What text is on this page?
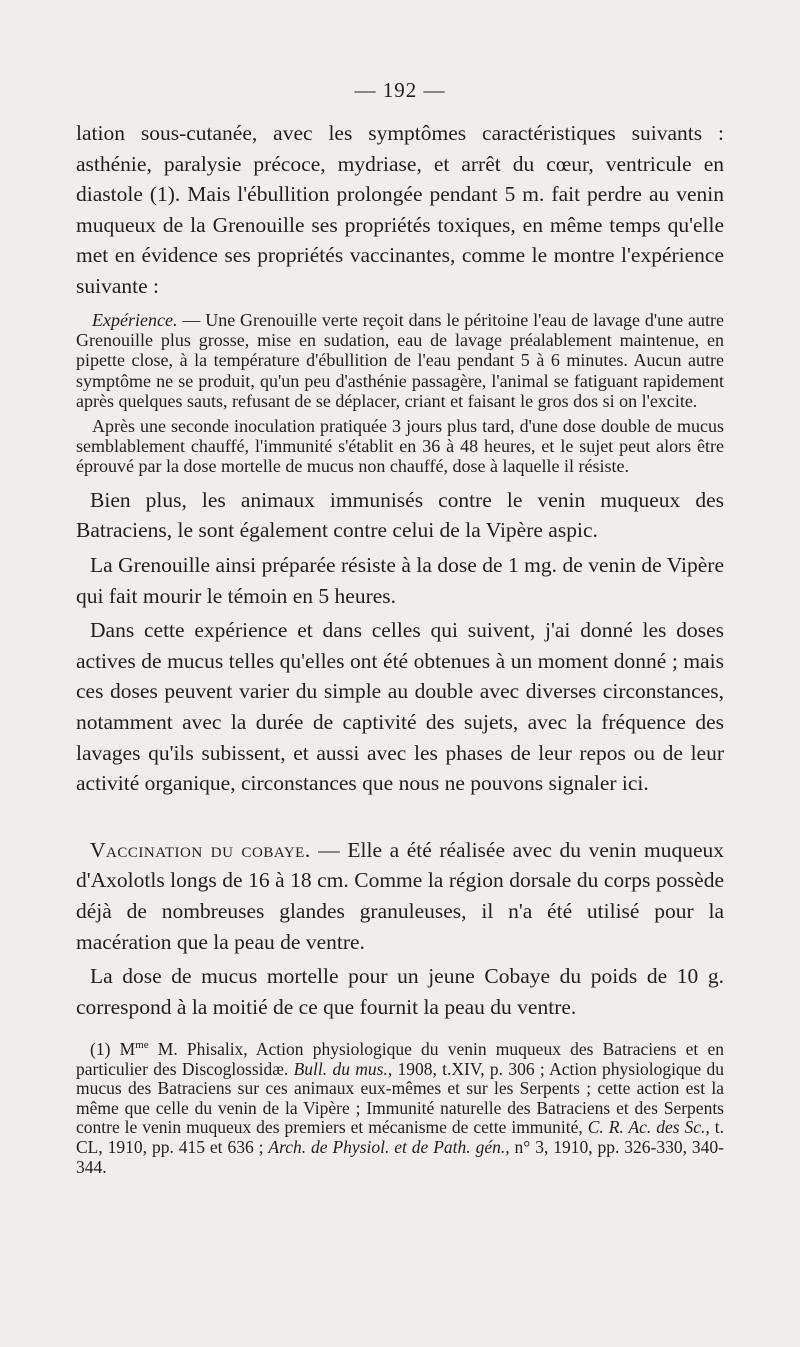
— 192 —

lation sous-cutanée, avec les symptômes caractéristiques suivants : asthénie, paralysie précoce, mydriase, et arrêt du cœur, ventricule en diastole (1). Mais l'ébullition prolongée pendant 5 m. fait perdre au venin muqueux de la Grenouille ses propriétés toxiques, en même temps qu'elle met en évidence ses propriétés vaccinantes, comme le montre l'expérience suivante :

Expérience. — Une Grenouille verte reçoit dans le péritoine l'eau de lavage d'une autre Grenouille plus grosse, mise en sudation, eau de lavage préalablement maintenue, en pipette close, à la température d'ébullition de l'eau pendant 5 à 6 minutes. Aucun autre symptôme ne se produit, qu'un peu d'asthénie passagère, l'animal se fatiguant rapidement après quelques sauts, refusant de se déplacer, criant et faisant le gros dos si on l'excite.

Après une seconde inoculation pratiquée 3 jours plus tard, d'une dose double de mucus semblablement chauffé, l'immunité s'établit en 36 à 48 heures, et le sujet peut alors être éprouvé par la dose mortelle de mucus non chauffé, dose à laquelle il résiste.

Bien plus, les animaux immunisés contre le venin muqueux des Batraciens, le sont également contre celui de la Vipère aspic.

La Grenouille ainsi préparée résiste à la dose de 1 mg. de venin de Vipère qui fait mourir le témoin en 5 heures.

Dans cette expérience et dans celles qui suivent, j'ai donné les doses actives de mucus telles qu'elles ont été obtenues à un moment donné ; mais ces doses peuvent varier du simple au double avec diverses circonstances, notamment avec la durée de captivité des sujets, avec la fréquence des lavages qu'ils subissent, et aussi avec les phases de leur repos ou de leur activité organique, circonstances que nous ne pouvons signaler ici.

Vaccination du cobaye. — Elle a été réalisée avec du venin muqueux d'Axolotls longs de 16 à 18 cm. Comme la région dorsale du corps possède déjà de nombreuses glandes granuleuses, il n'a été utilisé pour la macération que la peau de ventre.

La dose de mucus mortelle pour un jeune Cobaye du poids de 10 g. correspond à la moitié de ce que fournit la peau du ventre.

(1) $M^{me}$ M. Phisalix, Action physiologique du venin muqueux des Batraciens et en particulier des Discoglossidæ. Bull. du mus., 1908, t.XIV, p. 306 ; Action physiologique du mucus des Batraciens sur ces animaux eux-mêmes et sur les Serpents ; cette action est la même que celle du venin de la Vipère ; Immunité naturelle des Batraciens et des Serpents contre le venin muqueux des premiers et mécanisme de cette immunité, C. R. Ac. des Sc., t. CL, 1910, pp. 415 et 636 ; Arch. de Physiol. et de Path. gén., n° 3, 1910, pp. 326-330, 340-344.
